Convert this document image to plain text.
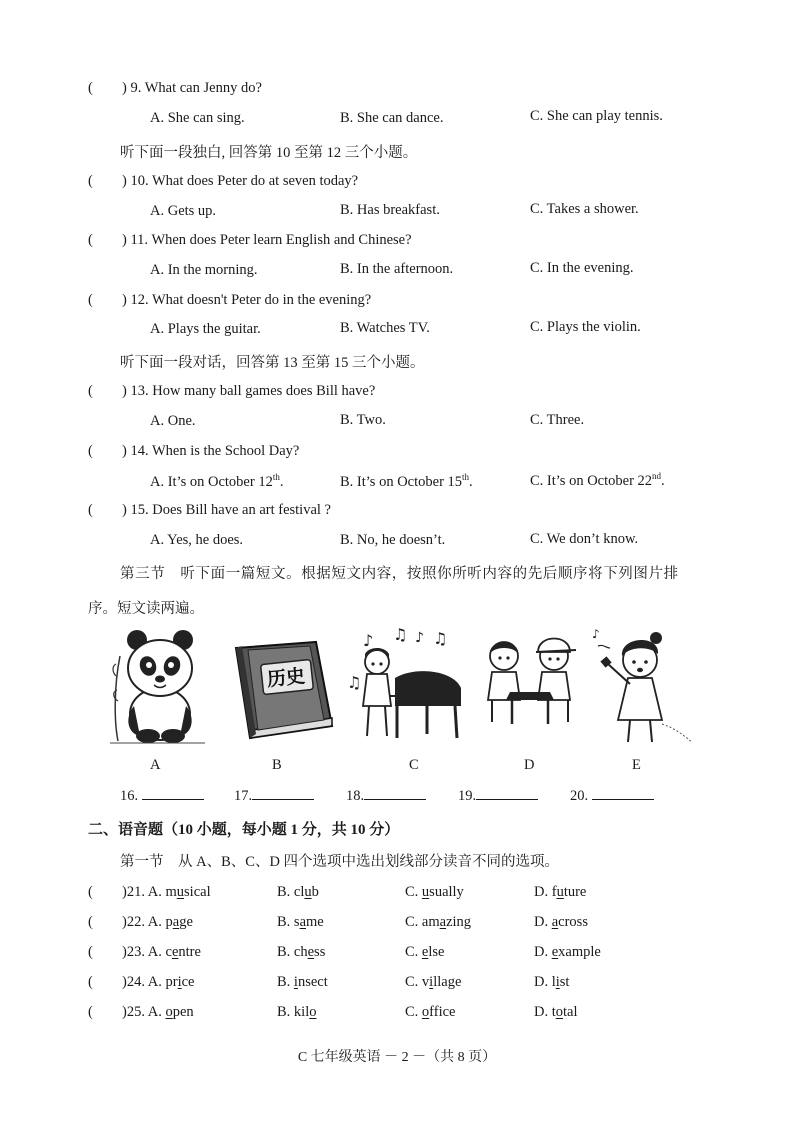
( ) 9. What can Jenny do?
A. She can sing.	B. She can dance.	C. She can play tennis.
听下面一段独白, 回答第 10 至第 12 三个小题。
( ) 10. What does Peter do at seven today?
A. Gets up.	B. Has breakfast.	C. Takes a shower.
( ) 11. When does Peter learn English and Chinese?
A. In the morning.	B. In the afternoon.	C. In the evening.
( ) 12. What doesn't Peter do in the evening?
A. Plays the guitar.	B. Watches TV.	C. Plays the violin.
听下面一段对话，回答第 13 至第 15 三个小题。
( ) 13. How many ball games does Bill have?
A. One.	B. Two.	C. Three.
( ) 14. When is the School Day?
A. It’s on October 12th.	B. It’s on October 15th.	C. It’s on October 22nd.
( ) 15. Does Bill have an art festival ?
A. Yes, he does.	B. No, he doesn’t.	C. We don’t know.
第三节　听下面一篇短文。根据短文内容，按照你所听内容的先后顺序将下列图片排
序。短文读两遍。
历史
♪ ♫ ♪ ♫
♫
♪
A	B	C	D	E
16.	17.	18.	19.	20.
二、语音题（10 小题，每小题 1 分，共 10 分）
第一节　从 A、B、C、D 四个选项中选出划线部分读音不同的选项。
( )21. A. musical	B. club	C. usually	D. future
( )22. A. page	B. same	C. amazing	D. across
( )23. A. centre	B. chess	C. else	D. example
( )24. A. price	B. insect	C. village	D. list
( )25. A. open	B. kilo	C. office	D. total
C 七年级英语 － 2 －（共 8 页）
